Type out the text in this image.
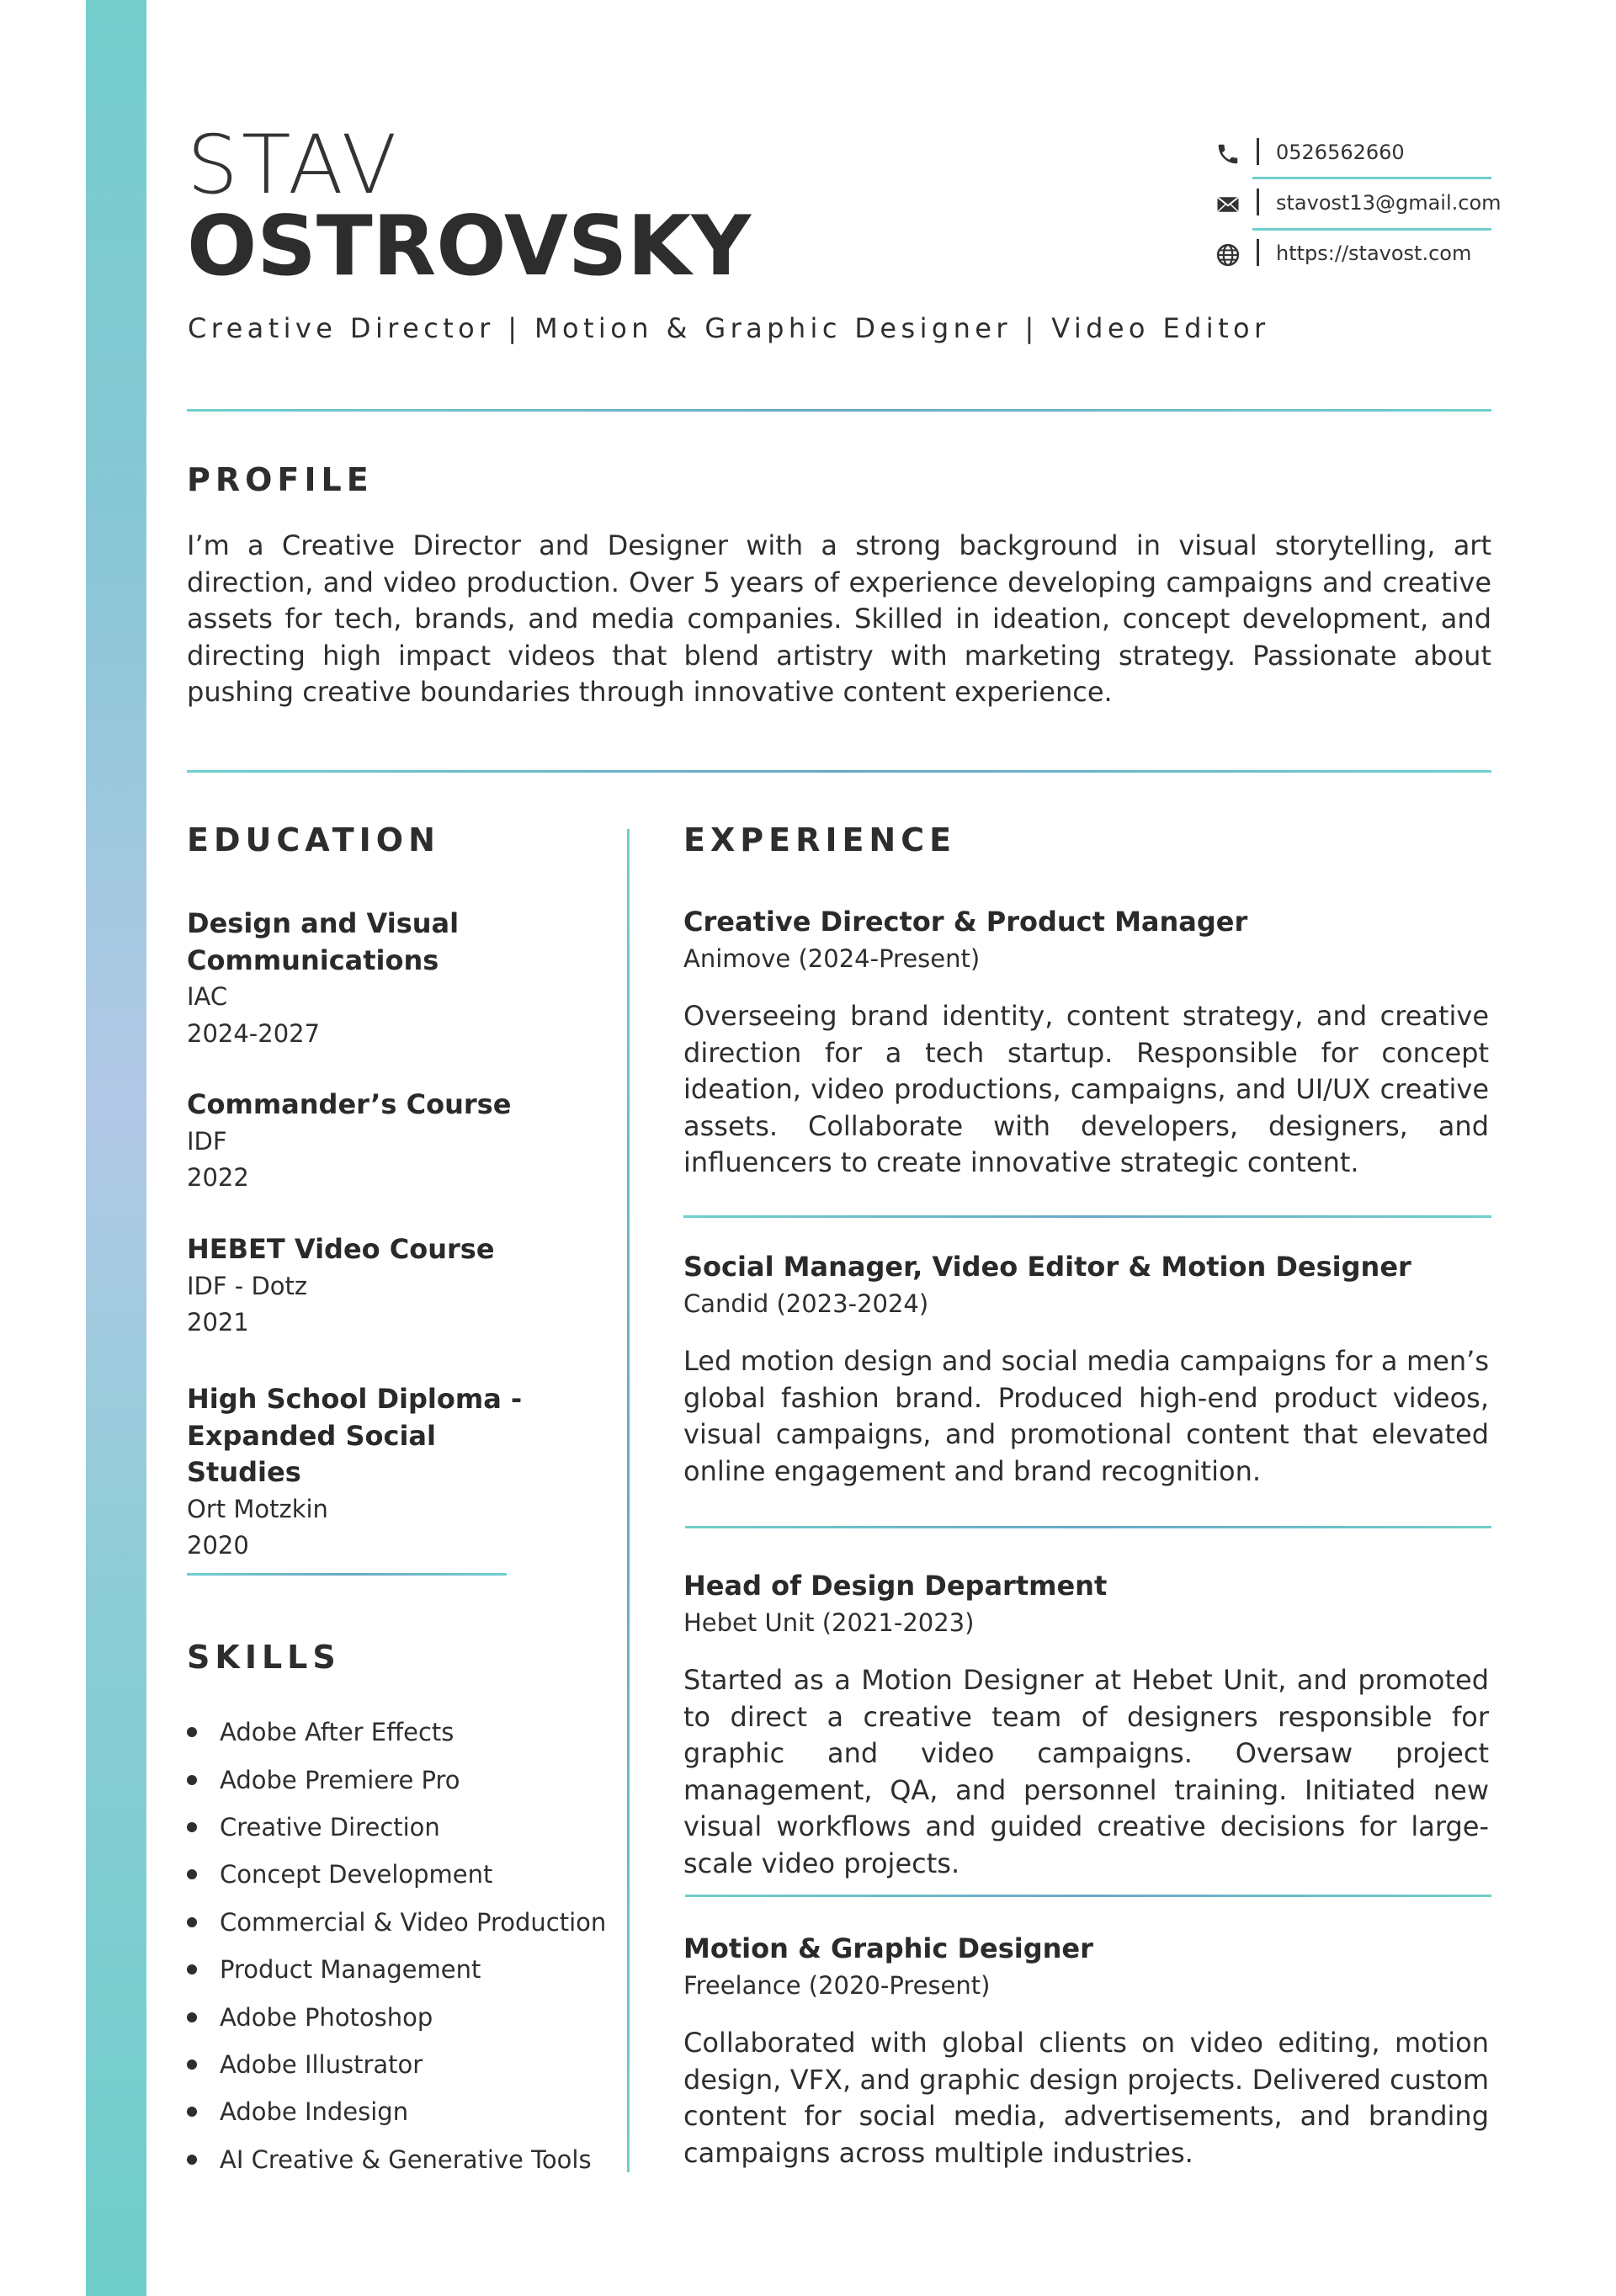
STAV
OSTROVSKY
Creative Director | Motion & Graphic Designer | Video Editor
0526562660
stavost13@gmail.com
https://stavost.com
PROFILE
I’m a Creative Director and Designer with a strong background in visual storytelling, art direction, and video production. Over 5 years of experience developing campaigns and creative assets for tech, brands, and media companies. Skilled in ideation, concept development, and directing high impact videos that blend artistry with marketing strategy. Passionate about pushing creative boundaries through innovative content experience.
EDUCATION
Design and Visual Communications
IAC
2024-2027
Commander’s Course
IDF
2022
HEBET Video Course
IDF - Dotz
2021
High School Diploma - Expanded Social Studies
Ort Motzkin
2020
SKILLS
Adobe After Effects
Adobe Premiere Pro
Creative Direction
Concept Development
Commercial & Video Production
Product Management
Adobe Photoshop
Adobe Illustrator
Adobe Indesign
AI Creative & Generative Tools
EXPERIENCE
Creative Director & Product Manager
Animove (2024-Present)
Overseeing brand identity, content strategy, and creative direction for a tech startup. Responsible for concept ideation, video productions, campaigns, and UI/UX creative assets. Collaborate with developers, designers, and influencers to create innovative strategic content.
Social Manager, Video Editor & Motion Designer
Candid (2023-2024)
Led motion design and social media campaigns for a men’s global fashion brand. Produced high-end product videos, visual campaigns, and promotional content that elevated online engagement and brand recognition.
Head of Design Department
Hebet Unit (2021-2023)
Started as a Motion Designer at Hebet Unit, and promoted to direct a creative team of designers responsible for graphic and video campaigns. Oversaw project management, QA, and personnel training. Initiated new visual workflows and guided creative decisions for large-scale video projects.
Motion & Graphic Designer
Freelance (2020-Present)
Collaborated with global clients on video editing, motion design, VFX, and graphic design projects. Delivered custom content for social media, advertisements, and branding campaigns across multiple industries.
